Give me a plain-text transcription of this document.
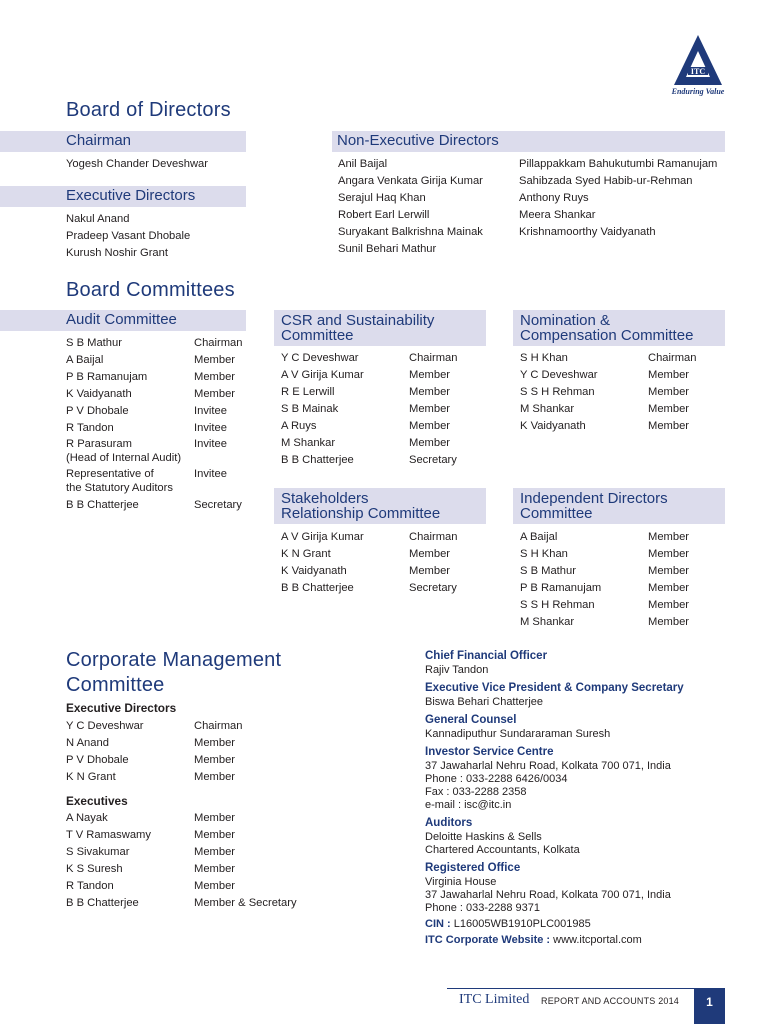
ITC
Enduring Value
Board of Directors
Chairman
Yogesh Chander Deveshwar
Executive Directors
Nakul Anand
Pradeep Vasant Dhobale
Kurush Noshir Grant
Non-Executive Directors
Anil Baijal
Angara Venkata Girija Kumar
Serajul Haq Khan
Robert Earl Lerwill
Suryakant Balkrishna Mainak
Sunil Behari Mathur
Pillappakkam Bahukutumbi Ramanujam
Sahibzada Syed Habib-ur-Rehman
Anthony Ruys
Meera Shankar
Krishnamoorthy Vaidyanath
Board Committees
Audit Committee
S B Mathur	Chairman
A Baijal	Member
P B Ramanujam	Member
K Vaidyanath	Member
P V Dhobale	Invitee
R Tandon	Invitee
R Parasuram
(Head of Internal Audit)
Invitee
Representative of
the Statutory Auditors
Invitee
B B Chatterjee	Secretary
CSR and Sustainability
Committee
Y C Deveshwar	Chairman
A V Girija Kumar	Member
R E Lerwill	Member
S B Mainak	Member
A Ruys	Member
M Shankar	Member
B B Chatterjee	Secretary
Nomination &
Compensation Committee
S H Khan	Chairman
Y C Deveshwar	Member
S S H Rehman	Member
M Shankar	Member
K Vaidyanath	Member
Stakeholders
Relationship Committee
A V Girija Kumar	Chairman
K N Grant	Member
K Vaidyanath	Member
B B Chatterjee	Secretary
Independent Directors
Committee
A Baijal	Member
S H Khan	Member
S B Mathur	Member
P B Ramanujam	Member
S S H Rehman	Member
M Shankar	Member
Corporate Management
Committee
Executive Directors
Y C Deveshwar	Chairman
N Anand	Member
P V Dhobale	Member
K N Grant	Member
Executives
A Nayak	Member
T V Ramaswamy	Member
S Sivakumar	Member
K S Suresh	Member
R Tandon	Member
B B Chatterjee	Member & Secretary
Chief Financial Officer
Rajiv Tandon
Executive Vice President & Company Secretary
Biswa Behari Chatterjee
General Counsel
Kannadiputhur Sundararaman Suresh
Investor Service Centre
37 Jawaharlal Nehru Road, Kolkata 700 071, India
Phone : 033-2288 6426/0034
Fax : 033-2288 2358
e-mail : isc@itc.in
Auditors
Deloitte Haskins & Sells
Chartered Accountants, Kolkata
Registered Office
Virginia House
37 Jawaharlal Nehru Road, Kolkata 700 071, India
Phone : 033-2288 9371
CIN : L16005WB1910PLC001985
ITC Corporate Website : www.itcportal.com
ITC Limited REPORT AND ACCOUNTS 2014	1
